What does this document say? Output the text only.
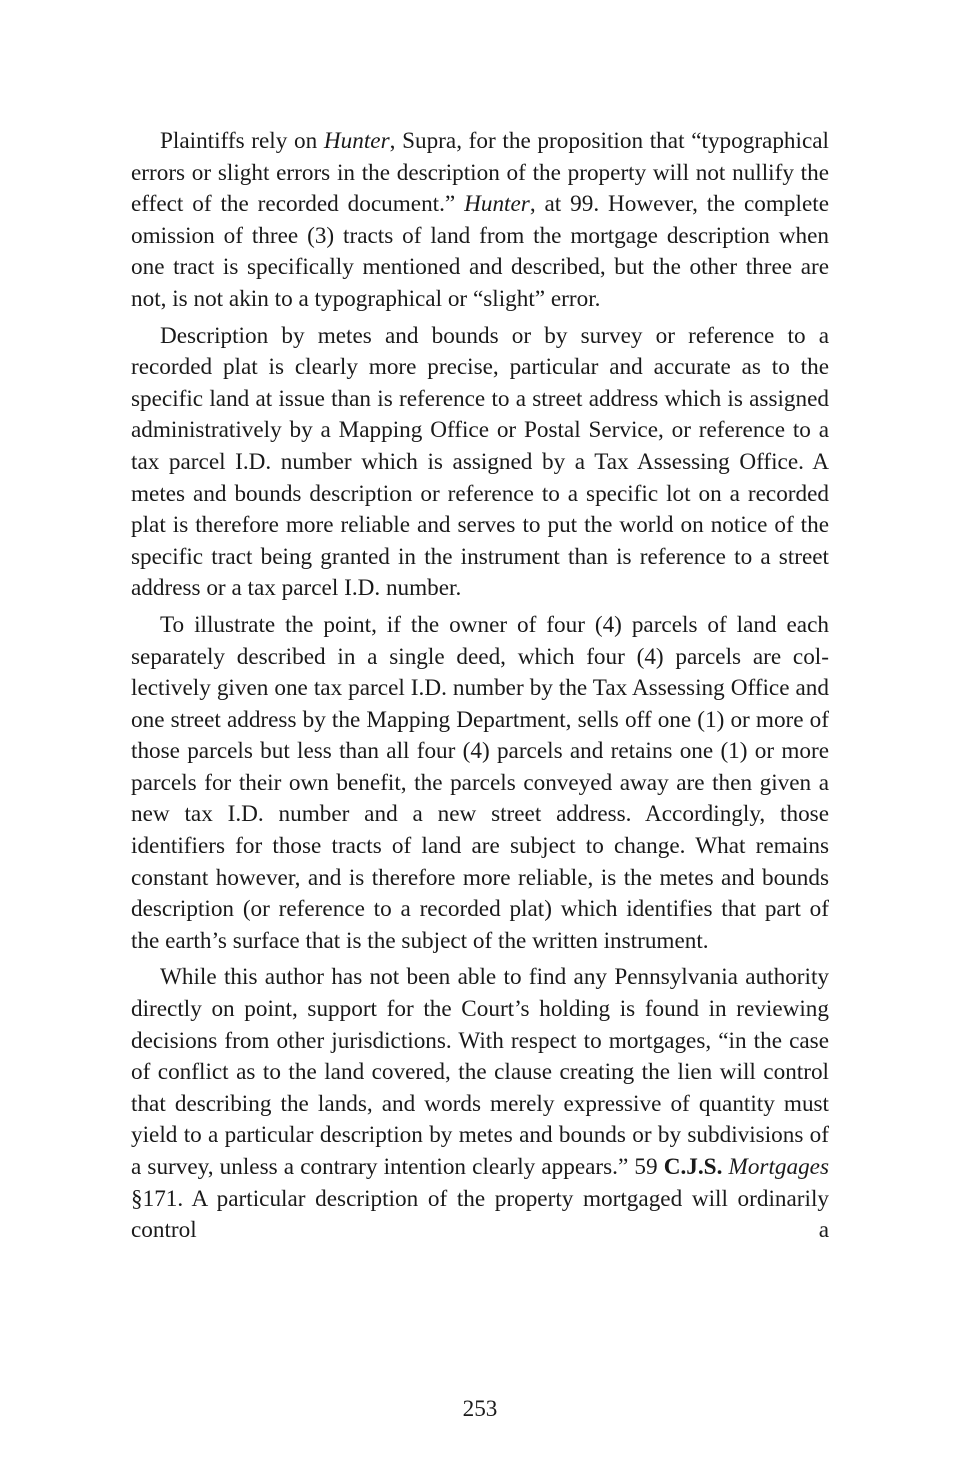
Plaintiffs rely on Hunter, Supra, for the proposition that “typographical errors or slight errors in the description of the property will not nullify the effect of the recorded document.” Hunter, at 99. However, the complete omission of three (3) tracts of land from the mortgage description when one tract is specifically mentioned and described, but the other three are not, is not akin to a typographical or “slight” error.

Description by metes and bounds or by survey or reference to a recorded plat is clearly more precise, particular and accurate as to the specific land at issue than is reference to a street address which is assigned administratively by a Mapping Office or Postal Service, or reference to a tax parcel I.D. number which is assigned by a Tax Assessing Office. A metes and bounds description or reference to a specific lot on a recorded plat is therefore more reliable and serves to put the world on notice of the specific tract being granted in the instrument than is reference to a street address or a tax parcel I.D. number.

To illustrate the point, if the owner of four (4) parcels of land each separately described in a single deed, which four (4) parcels are collectively given one tax parcel I.D. number by the Tax Assessing Office and one street address by the Mapping Department, sells off one (1) or more of those parcels but less than all four (4) parcels and retains one (1) or more parcels for their own benefit, the parcels conveyed away are then given a new tax I.D. number and a new street address. Accordingly, those identifiers for those tracts of land are subject to change. What remains constant however, and is therefore more reliable, is the metes and bounds description (or reference to a recorded plat) which identifies that part of the earth’s surface that is the subject of the written instrument.

While this author has not been able to find any Pennsylvania authority directly on point, support for the Court’s holding is found in reviewing decisions from other jurisdictions. With respect to mortgages, “in the case of conflict as to the land covered, the clause creating the lien will control that describing the lands, and words merely expressive of quantity must yield to a particular description by metes and bounds or by subdivisions of a survey, unless a contrary intention clearly appears.” 59 C.J.S. Mortgages §171. A particular description of the property mortgaged will ordinarily control a

253
